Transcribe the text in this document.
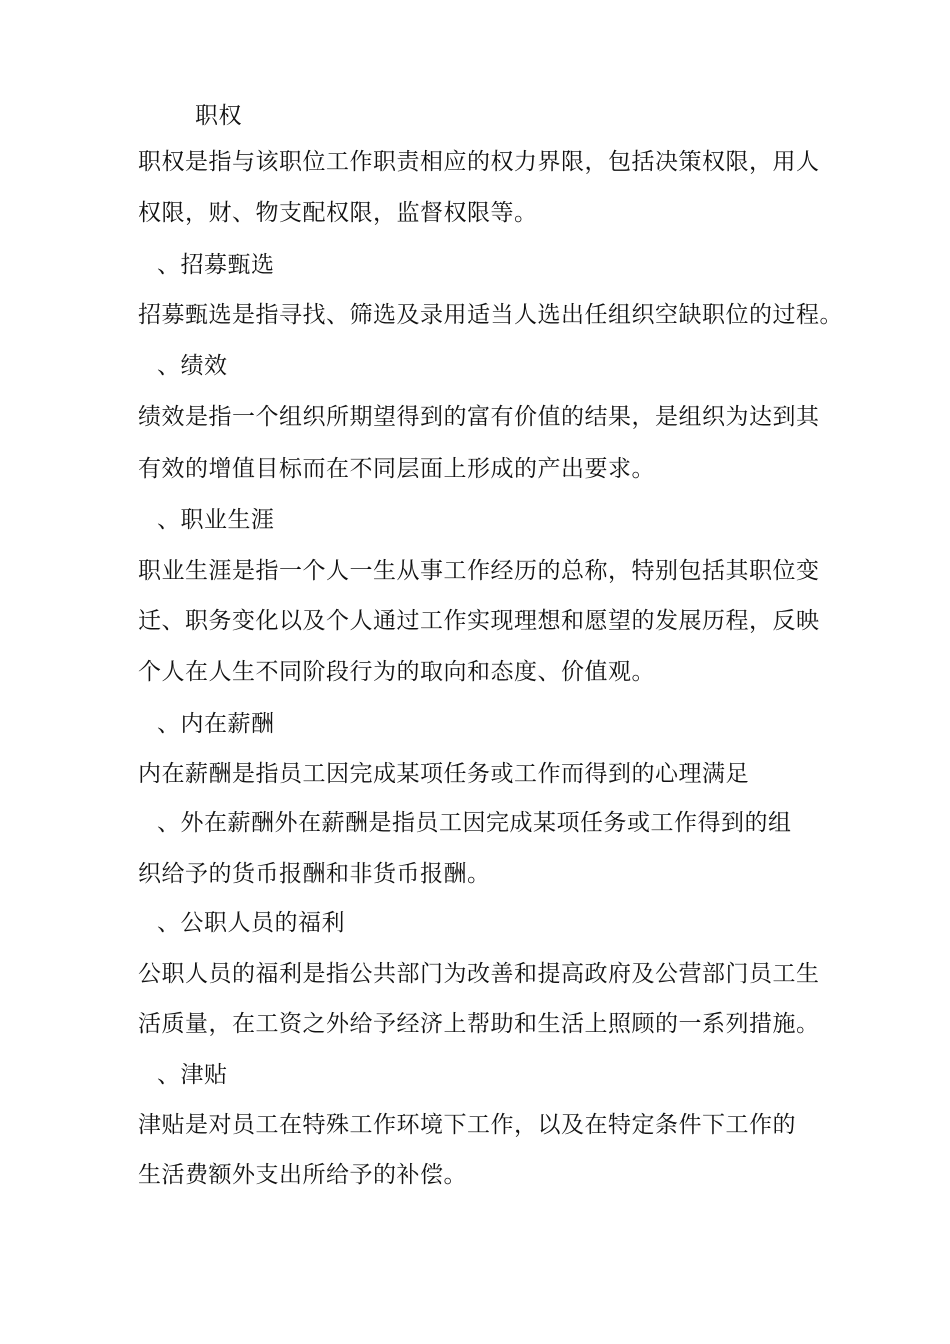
职权
职权是指与该职位工作职责相应的权力界限，包括决策权限，用人
权限，财、物支配权限，监督权限等。
、招募甄选
招募甄选是指寻找、筛选及录用适当人选出任组织空缺职位的过程。
、绩效
绩效是指一个组织所期望得到的富有价值的结果，是组织为达到其
有效的增值目标而在不同层面上形成的产出要求。
、职业生涯
职业生涯是指一个人一生从事工作经历的总称，特别包括其职位变
迁、职务变化以及个人通过工作实现理想和愿望的发展历程，反映
个人在人生不同阶段行为的取向和态度、价值观。
、内在薪酬
内在薪酬是指员工因完成某项任务或工作而得到的心理满足
、外在薪酬外在薪酬是指员工因完成某项任务或工作得到的组
织给予的货币报酬和非货币报酬。
、公职人员的福利
公职人员的福利是指公共部门为改善和提高政府及公营部门员工生
活质量，在工资之外给予经济上帮助和生活上照顾的一系列措施。
、津贴
津贴是对员工在特殊工作环境下工作，以及在特定条件下工作的
生活费额外支出所给予的补偿。
